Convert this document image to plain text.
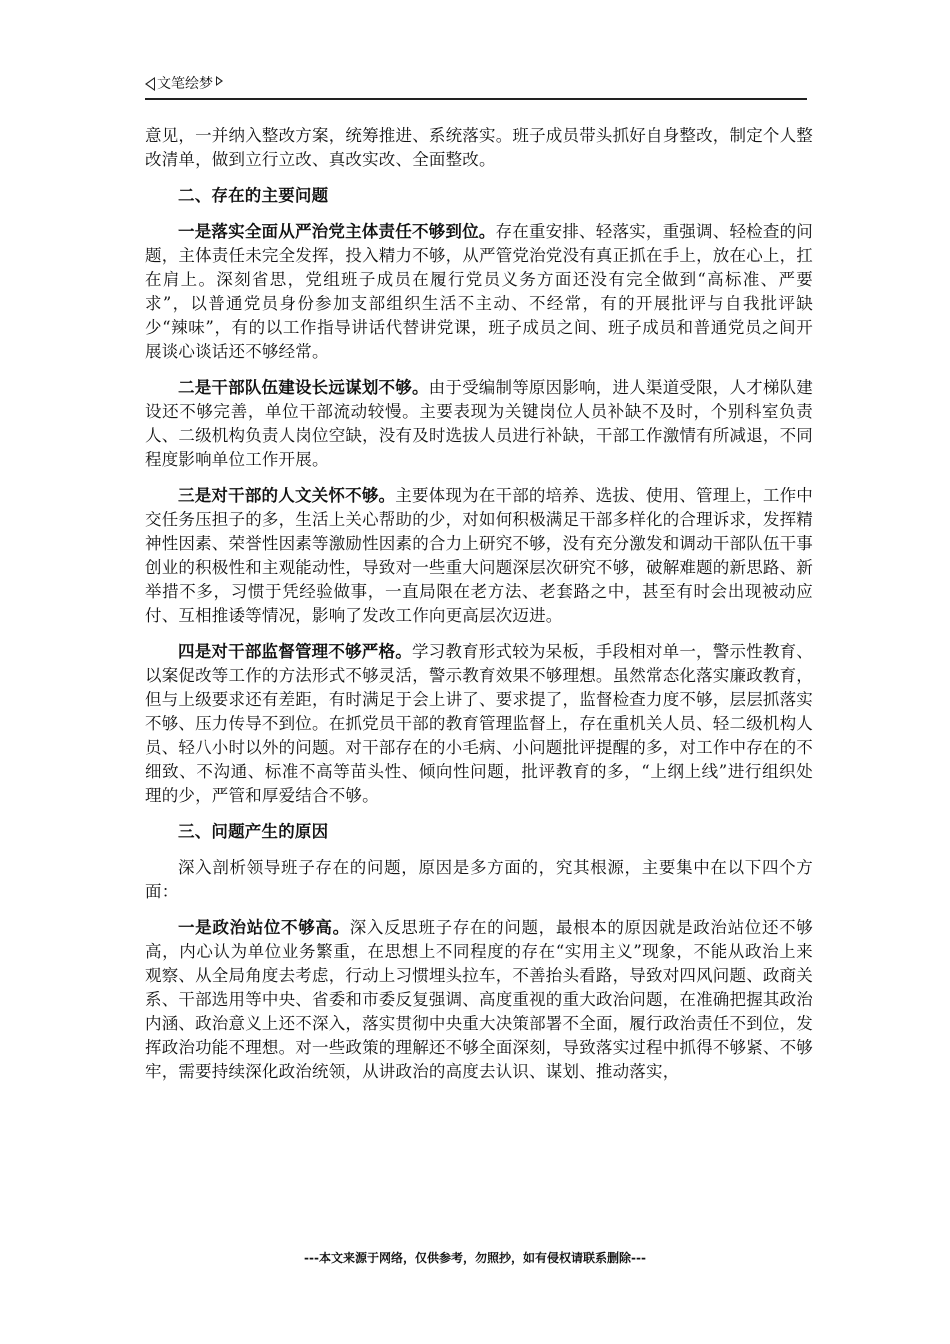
文笔绘梦

意见，一并纳入整改方案，统筹推进、系统落实。班子成员带头抓好自身整改，制定个人整改清单，做到立行立改、真改实改、全面整改。

二、存在的主要问题

一是落实全面从严治党主体责任不够到位。存在重安排、轻落实，重强调、轻检查的问题，主体责任未完全发挥，投入精力不够，从严管党治党没有真正抓在手上，放在心上，扛在肩上。深刻省思，党组班子成员在履行党员义务方面还没有完全做到“高标准、严要求”，以普通党员身份参加支部组织生活不主动、不经常，有的开展批评与自我批评缺少“辣味”，有的以工作指导讲话代替讲党课，班子成员之间、班子成员和普通党员之间开展谈心谈话还不够经常。

二是干部队伍建设长远谋划不够。由于受编制等原因影响，进人渠道受限，人才梯队建设还不够完善，单位干部流动较慢。主要表现为关键岗位人员补缺不及时，个别科室负责人、二级机构负责人岗位空缺，没有及时选拔人员进行补缺，干部工作激情有所减退，不同程度影响单位工作开展。

三是对干部的人文关怀不够。主要体现为在干部的培养、选拔、使用、管理上，工作中交任务压担子的多，生活上关心帮助的少，对如何积极满足干部多样化的合理诉求，发挥精神性因素、荣誉性因素等激励性因素的合力上研究不够，没有充分激发和调动干部队伍干事创业的积极性和主观能动性，导致对一些重大问题深层次研究不够，破解难题的新思路、新举措不多，习惯于凭经验做事，一直局限在老方法、老套路之中，甚至有时会出现被动应付、互相推诿等情况，影响了发改工作向更高层次迈进。

四是对干部监督管理不够严格。学习教育形式较为呆板，手段相对单一，警示性教育、以案促改等工作的方法形式不够灵活，警示教育效果不够理想。虽然常态化落实廉政教育，但与上级要求还有差距，有时满足于会上讲了、要求提了，监督检查力度不够，层层抓落实不够、压力传导不到位。在抓党员干部的教育管理监督上，存在重机关人员、轻二级机构人员、轻八小时以外的问题。对干部存在的小毛病、小问题批评提醒的多，对工作中存在的不细致、不沟通、标准不高等苗头性、倾向性问题，批评教育的多，“上纲上线”进行组织处理的少，严管和厚爱结合不够。

三、问题产生的原因

深入剖析领导班子存在的问题，原因是多方面的，究其根源，主要集中在以下四个方面：

一是政治站位不够高。深入反思班子存在的问题，最根本的原因就是政治站位还不够高，内心认为单位业务繁重，在思想上不同程度的存在“实用主义”现象，不能从政治上来观察、从全局角度去考虑，行动上习惯埋头拉车，不善抬头看路，导致对四风问题、政商关系、干部选用等中央、省委和市委反复强调、高度重视的重大政治问题，在准确把握其政治内涵、政治意义上还不深入，落实贯彻中央重大决策部署不全面，履行政治责任不到位，发挥政治功能不理想。对一些政策的理解还不够全面深刻，导致落实过程中抓得不够紧、不够牢，需要持续深化政治统领，从讲政治的高度去认识、谋划、推动落实，

---本文来源于网络，仅供参考，勿照抄，如有侵权请联系删除---
